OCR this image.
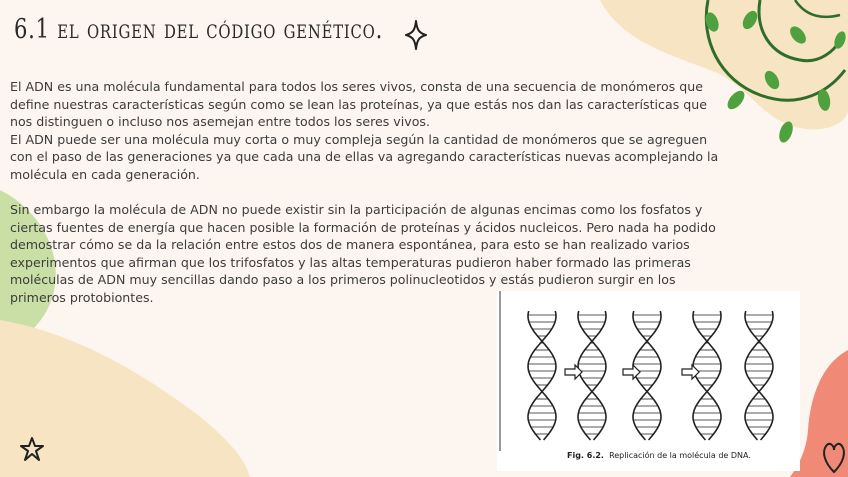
6.1 el origen del código genético.

El ADN es una molécula fundamental para todos los seres vivos, consta de una secuencia de monómeros que define nuestras características según como se lean las proteínas, ya que estás nos dan las características que nos distinguen o incluso nos asemejan entre todos los seres vivos.
El ADN puede ser una molécula muy corta o muy compleja según la cantidad de monómeros que se agreguen con el paso de las generaciones ya que cada una de ellas va agregando características nuevas acomplejando la molécula en cada generación.

Sin embargo la molécula de ADN no puede existir sin la participación de algunas encimas como los fosfatos y ciertas fuentes de energía que hacen posible la formación de proteínas y ácidos nucleicos. Pero nada ha podido demostrar cómo se da la relación entre estos dos de manera espontánea, para esto se han realizado varios experimentos que afirman que los trifosfatos y las altas temperaturas pudieron haber formado las primeras moléculas de ADN muy sencillas dando paso a los primeros polinucleotidos y estás pudieron surgir en los primeros protobiontes.

Fig. 6.2. Replicación de la molécula de DNA.
